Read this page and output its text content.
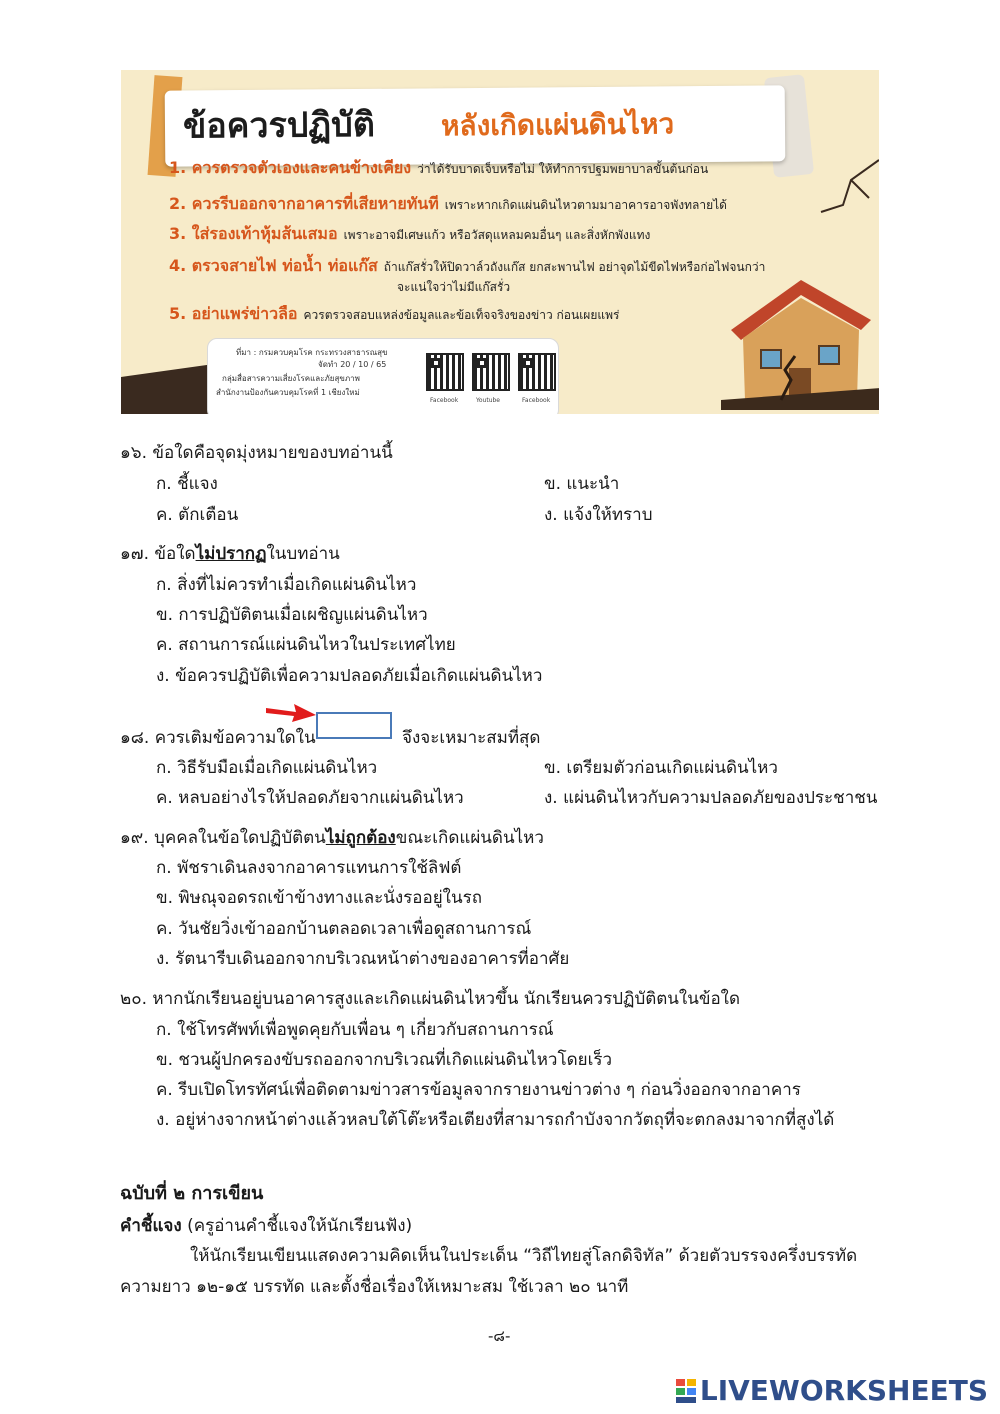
ข้อควรปฏิบัติ หลังเกิดแผ่นดินไหว
1. ควรตรวจตัวเองและคนข้างเคียง ว่าได้รับบาดเจ็บหรือไม่ ให้ทำการปฐมพยาบาลขั้นต้นก่อน
2. ควรรีบออกจากอาคารที่เสียหายทันที เพราะหากเกิดแผ่นดินไหวตามมาอาคารอาจพังทลายได้
3. ใส่รองเท้าหุ้มส้นเสมอ เพราะอาจมีเศษแก้ว หรือวัสดุแหลมคมอื่นๆ และสิ่งหักพังแทง
4. ตรวจสายไฟ ท่อน้ำ ท่อแก๊ส ถ้าแก๊สรั่วให้ปิดวาล์วถังแก๊ส ยกสะพานไฟ อย่าจุดไม้ขีดไฟหรือก่อไฟจนกว่า
จะแน่ใจว่าไม่มีแก๊สรั่ว
5. อย่าแพร่ข่าวลือ ควรตรวจสอบแหล่งข้อมูลและข้อเท็จจริงของข่าว ก่อนเผยแพร่
ที่มา : กรมควบคุมโรค กระทรวงสาธารณสุข
จัดทำ 20 / 10 / 65
กลุ่มสื่อสารความเสี่ยงโรคและภัยสุขภาพ
สำนักงานป้องกันควบคุมโรคที่ 1 เชียงใหม่
Facebook	Youtube	Facebook
๑๖. ข้อใดคือจุดมุ่งหมายของบทอ่านนี้
ก. ชี้แจง	ข. แนะนำ
ค. ตักเตือน	ง. แจ้งให้ทราบ
๑๗. ข้อใดไม่ปรากฏในบทอ่าน
ก. สิ่งที่ไม่ควรทำเมื่อเกิดแผ่นดินไหว
ข. การปฏิบัติตนเมื่อเผชิญแผ่นดินไหว
ค. สถานการณ์แผ่นดินไหวในประเทศไทย
ง. ข้อควรปฏิบัติเพื่อความปลอดภัยเมื่อเกิดแผ่นดินไหว
๑๘. ควรเติมข้อความใดใน	จึงจะเหมาะสมที่สุด
ก. วิธีรับมือเมื่อเกิดแผ่นดินไหว	ข. เตรียมตัวก่อนเกิดแผ่นดินไหว
ค. หลบอย่างไรให้ปลอดภัยจากแผ่นดินไหว	ง. แผ่นดินไหวกับความปลอดภัยของประชาชน
๑๙. บุคคลในข้อใดปฏิบัติตนไม่ถูกต้องขณะเกิดแผ่นดินไหว
ก. พัชราเดินลงจากอาคารแทนการใช้ลิฟต์
ข. พิษณุจอดรถเข้าข้างทางและนั่งรออยู่ในรถ
ค. วันชัยวิ่งเข้าออกบ้านตลอดเวลาเพื่อดูสถานการณ์
ง. รัตนารีบเดินออกจากบริเวณหน้าต่างของอาคารที่อาศัย
๒๐. หากนักเรียนอยู่บนอาคารสูงและเกิดแผ่นดินไหวขึ้น นักเรียนควรปฏิบัติตนในข้อใด
ก. ใช้โทรศัพท์เพื่อพูดคุยกับเพื่อน ๆ เกี่ยวกับสถานการณ์
ข. ชวนผู้ปกครองขับรถออกจากบริเวณที่เกิดแผ่นดินไหวโดยเร็ว
ค. รีบเปิดโทรทัศน์เพื่อติดตามข่าวสารข้อมูลจากรายงานข่าวต่าง ๆ ก่อนวิ่งออกจากอาคาร
ง. อยู่ห่างจากหน้าต่างแล้วหลบใต้โต๊ะหรือเตียงที่สามารถกำบังจากวัตถุที่จะตกลงมาจากที่สูงได้
ฉบับที่ ๒ การเขียน
คำชี้แจง (ครูอ่านคำชี้แจงให้นักเรียนฟัง)
ให้นักเรียนเขียนแสดงความคิดเห็นในประเด็น “วิถีไทยสู่โลกดิจิทัล” ด้วยตัวบรรจงครึ่งบรรทัด
ความยาว ๑๒-๑๕ บรรทัด และตั้งชื่อเรื่องให้เหมาะสม ใช้เวลา ๒๐ นาที
-๘-
LIVEWORKSHEETS
